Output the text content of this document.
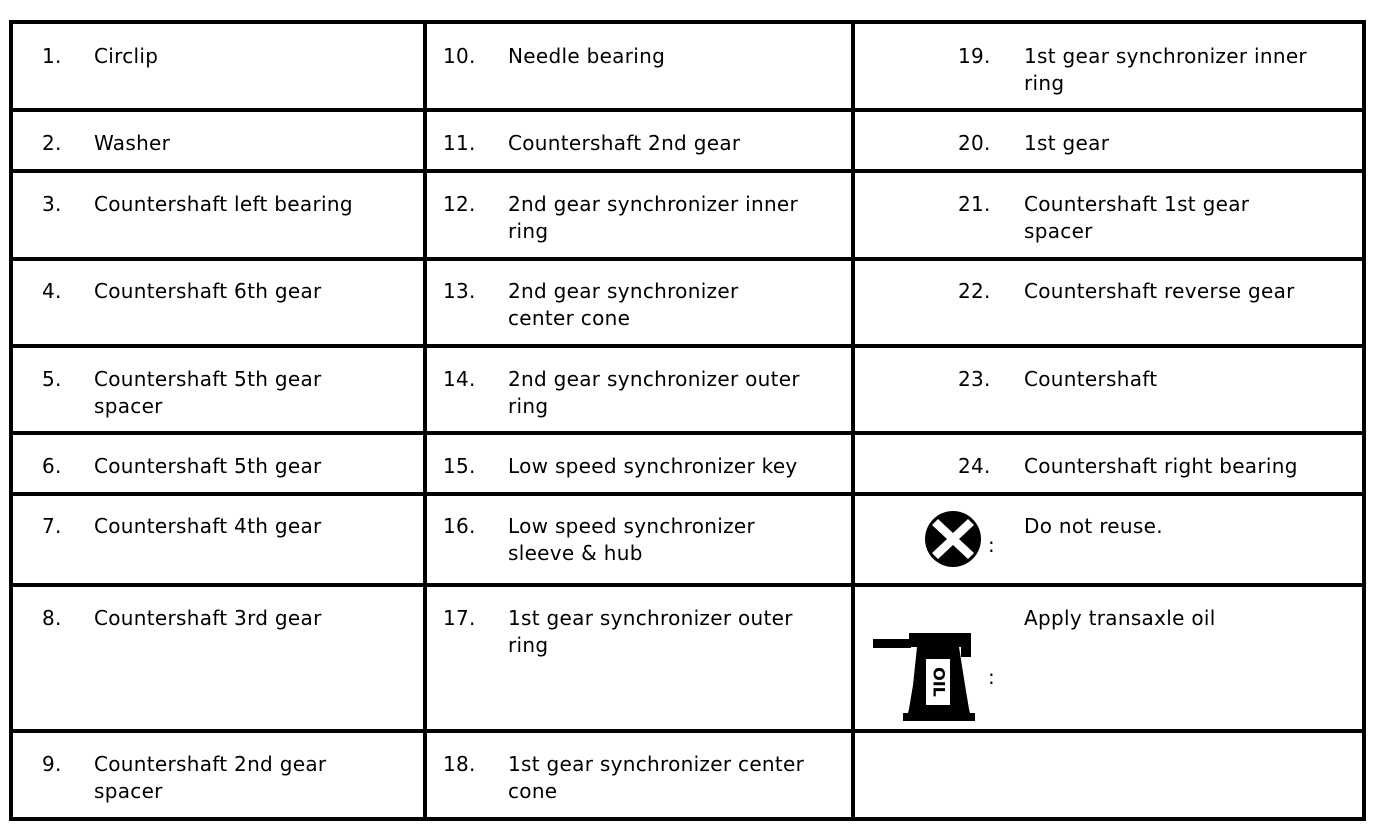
1. Circlip
2. Washer
3. Countershaft left bearing
4. Countershaft 6th gear
5. Countershaft 5th gear spacer
6. Countershaft 5th gear
7. Countershaft 4th gear
8. Countershaft 3rd gear
9. Countershaft 2nd gear spacer
10. Needle bearing
11. Countershaft 2nd gear
12. 2nd gear synchronizer inner ring
13. 2nd gear synchronizer center cone
14. 2nd gear synchronizer outer ring
15. Low speed synchronizer key
16. Low speed synchronizer sleeve & hub
17. 1st gear synchronizer outer ring
18. 1st gear synchronizer center cone
19. 1st gear synchronizer inner ring
20. 1st gear
21. Countershaft 1st gear spacer
22. Countershaft reverse gear
23. Countershaft
24. Countershaft right bearing
:
Do not reuse.
OIL :
Apply transaxle oil
